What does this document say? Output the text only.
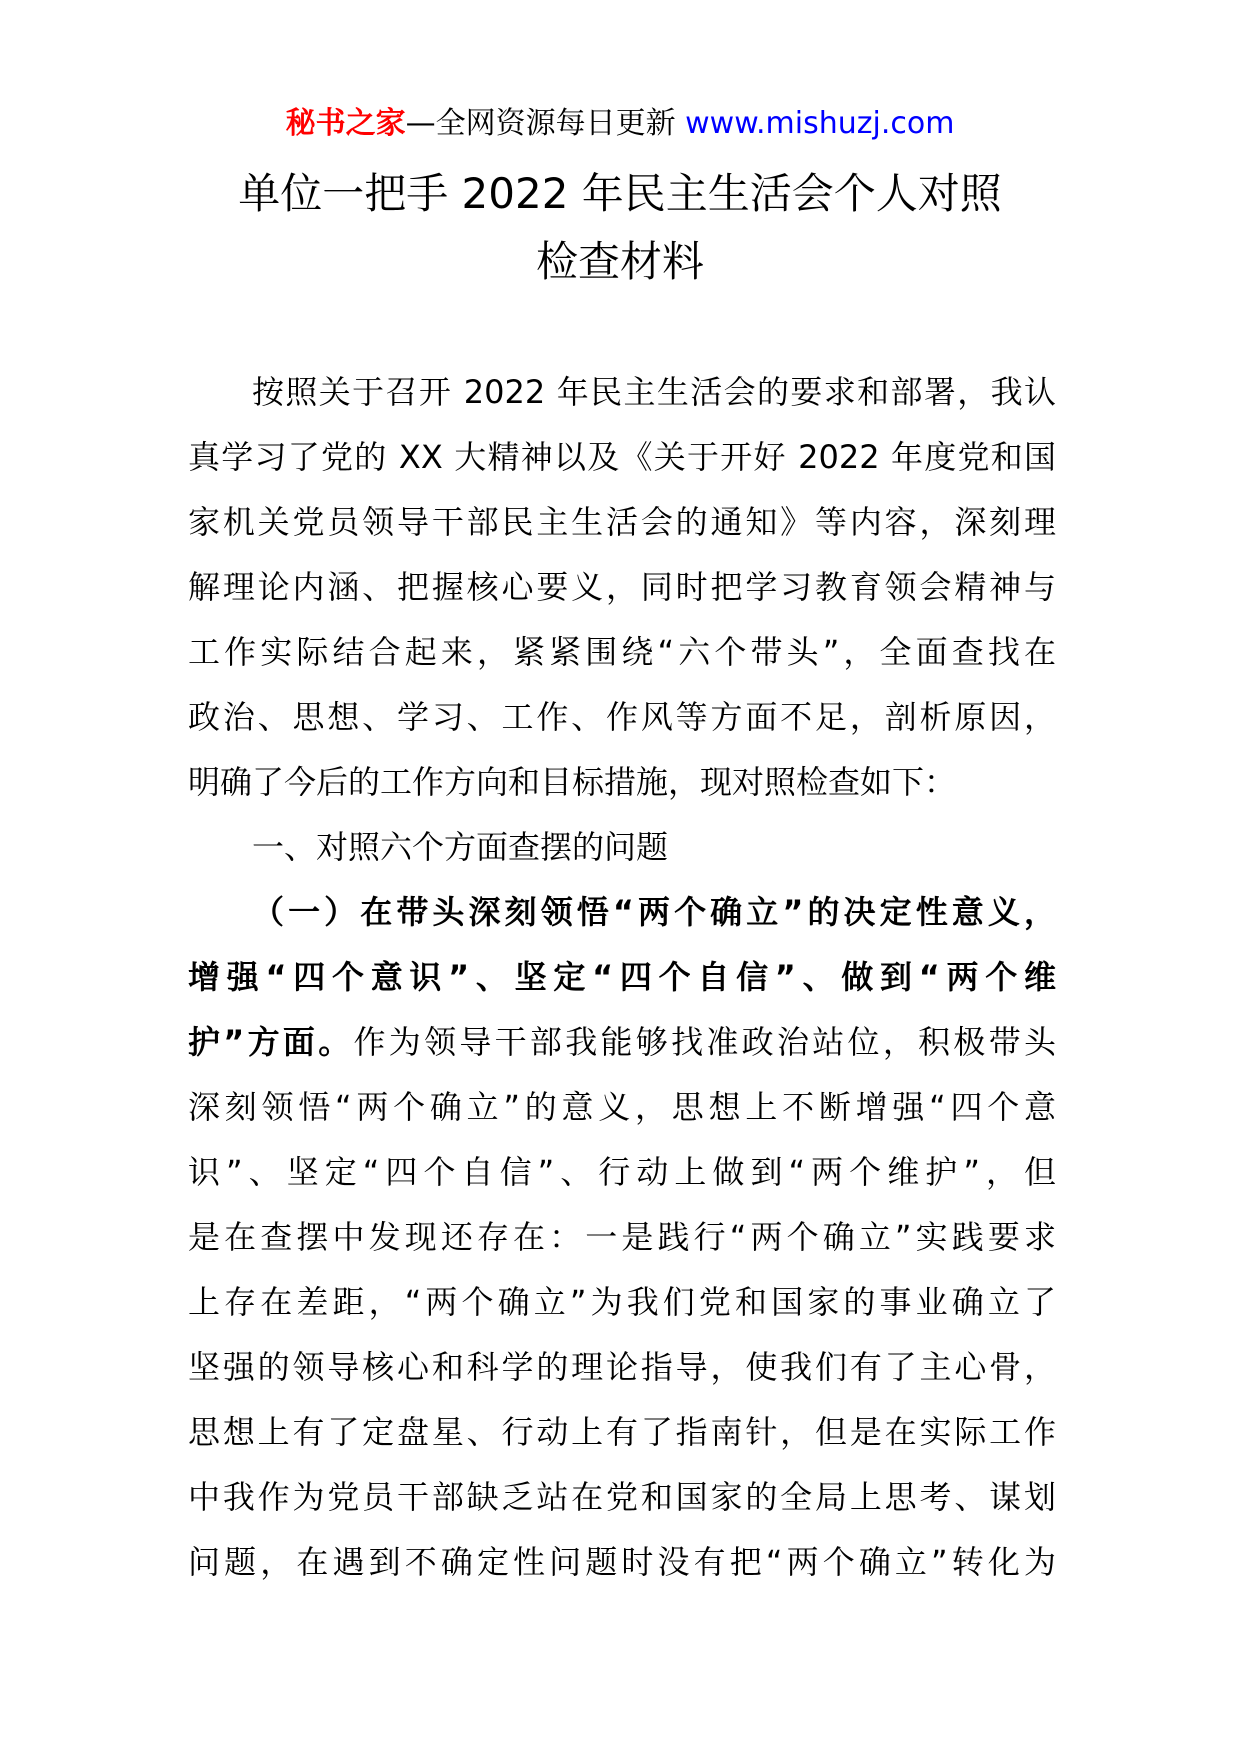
秘书之家—全网资源每日更新 www.mishuzj.com
单位一把手 2022 年民主生活会个人对照
检查材料
按照关于召开 2022 年民主生活会的要求和部署，我认
真学习了党的 XX 大精神以及《关于开好 2022 年度党和国
家机关党员领导干部民主生活会的通知》等内容，深刻理
解理论内涵、把握核心要义，同时把学习教育领会精神与
工作实际结合起来，紧紧围绕“六个带头”，全面查找在
政治、思想、学习、工作、作风等方面不足，剖析原因，
明确了今后的工作方向和目标措施，现对照检查如下：
一、对照六个方面查摆的问题
（一）在带头深刻领悟“两个确立”的决定性意义，
增强“四个意识”、坚定“四个自信”、做到“两个维
护”方面。作为领导干部我能够找准政治站位，积极带头
深刻领悟“两个确立”的意义，思想上不断增强“四个意
识”、坚定“四个自信”、行动上做到“两个维护”，但
是在查摆中发现还存在：一是践行“两个确立”实践要求
上存在差距，“两个确立”为我们党和国家的事业确立了
坚强的领导核心和科学的理论指导，使我们有了主心骨，
思想上有了定盘星、行动上有了指南针，但是在实际工作
中我作为党员干部缺乏站在党和国家的全局上思考、谋划
问题，在遇到不确定性问题时没有把“两个确立”转化为
